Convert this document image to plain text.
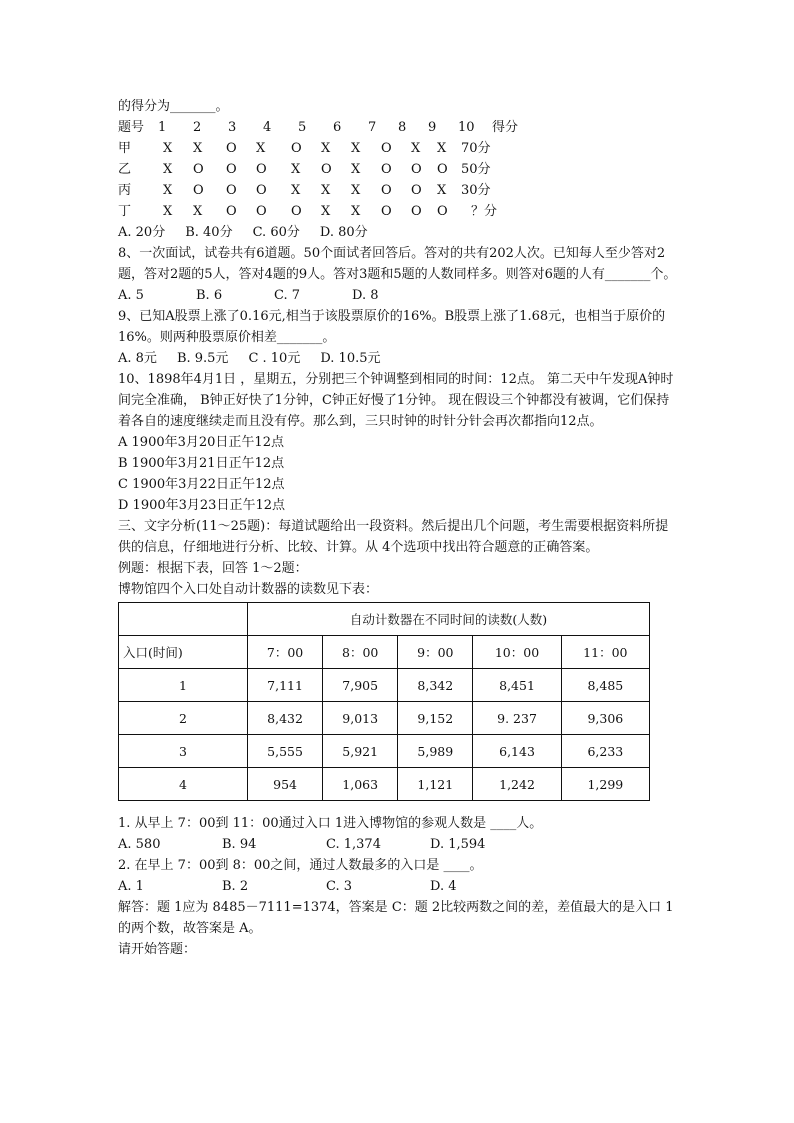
的得分为_______。
题号	1	2	3	4	5	6	7	8	9	10	得分
甲	X	X	O	X	O	X	X	O	X	X	70分
乙	X	O	O	O	X	O	X	O	O	O	50分
丙	X	O	O	O	X	X	X	O	O	X	30分
丁	X	X	O	O	O	X	X	O	O	O	？分
A. 20分 B. 40分 C. 60分 D. 80分
8、一次面试，试卷共有6道题。50个面试者回答后。答对的共有202人次。已知每人至少答对2题，答对2题的5人，答对4题的9人。答对3题和5题的人数同样多。则答对6题的人有_______个。
A. 5	B. 6	C. 7	D. 8
9、已知A股票上涨了0.16元,相当于该股票原价的16%。B股票上涨了1.68元，也相当于原价的16%。则两种股票原价相差_______。
A. 8元 B. 9.5元 C . 10元 D. 10.5元
10、1898年4月1日 ，星期五，分别把三个钟调整到相同的时间：12点。 第二天中午发现A钟时间完全准确， B钟正好快了1分钟，C钟正好慢了1分钟。 现在假设三个钟都没有被调，它们保持着各自的速度继续走而且没有停。那么到，三只时钟的时针分针会再次都指向12点。
A 1900年3月20日正午12点
B 1900年3月21日正午12点
C 1900年3月22日正午12点
D 1900年3月23日正午12点
三、文字分析(11～25题)：每道试题给出一段资料。然后提出几个问题，考生需要根据资料所提供的信息，仔细地进行分析、比较、计算。从 4个选项中找出符合题意的正确答案。
例题：根据下表，回答 1～2题：
博物馆四个入口处自动计数器的读数见下表：
	自动计数器在不同时间的读数(人数)				
入口(时间)	7：00	8：00	9：00	10：00	11：00
1	7,111	7,905	8,342	8,451	8,485
2	8,432	9,013	9,152	9. 237	9,306
3	5,555	5,921	5,989	6,143	6,233
4	954	1,063	1,121	1,242	1,299
1. 从早上 7：00到 11：00通过入口 1进入博物馆的参观人数是 ____人。
A. 580	B. 94	C. 1,374	D. 1,594
2. 在早上 7：00到 8：00之间，通过人数最多的入口是 ____。
A. 1	B. 2	C. 3	D. 4
解答：题 1应为 8485－7111=1374，答案是 C：题 2比较两数之间的差，差值最大的是入口 1的两个数，故答案是 A。
请开始答题：
